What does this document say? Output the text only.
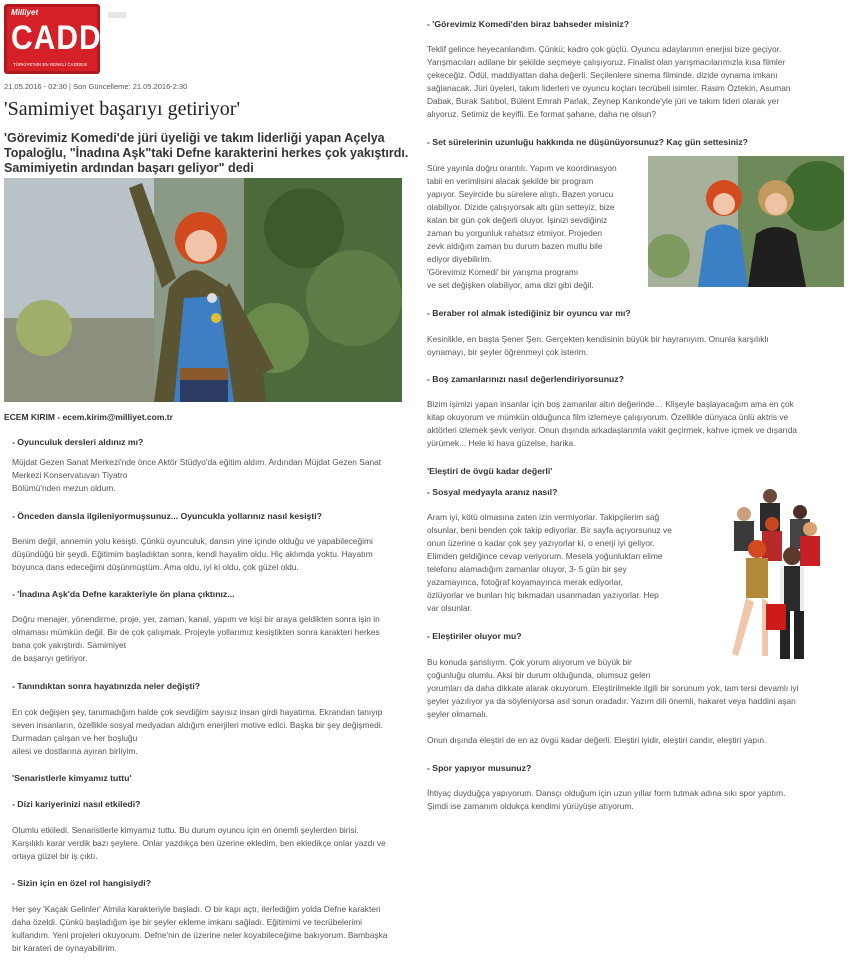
Milliyet
CADDE
TÜRKİYE'NİN EN RENKLİ CADDESİ
21.05.2016 - 02:30 | Son Güncelleme: 21.05.2016-2:30
'Samimiyet başarıyı getiriyor'
'Görevimiz Komedi'de jüri üyeliği ve takım liderliği yapan Açelya Topaloğlu, "İnadına Aşk"taki Defne karakterini herkes çok yakıştırdı. Samimiyetin ardından başarı geliyor" dedi
ECEM KIRIM - ecem.kirim@milliyet.com.tr
- Oyunculuk dersleri aldınız mı?
Müjdat Gezen Sanat Merkezi'nde önce Aktör Stüdyo'da eğitim aldım. Ardından Müjdat Gezen Sanat
Merkezi Konservatuvarı Tiyatro
Bölümü'nden mezun oldum.
- Önceden dansla ilgileniyormuşsunuz... Oyuncukla yollarınız nasıl kesişti?
Benim değil, annemin yolu kesişti. Çünkü oyunculuk, dansın yine içinde olduğu ve yapabileceğimi
düşündüğü bir şeydi. Eğitimim başladıktan sonra, kendi hayalim oldu. Hiç aklımda yoktu. Hayatım
boyunca dans edeceğimi düşünmüştüm. Ama oldu, iyi ki oldu, çok güzel oldu.
- 'İnadına Aşk'da Defne karakteriyle ön plana çıktınız...
Doğru menajer, yönendirme, proje, yer, zaman, kanal, yapım ve kişi bir araya geldikten sonra işin in
olmaması mümkün değil. Bir de çok çalışmak. Projeyle yollarımız kesiştikten sonra karakteri herkes
bana çok yakıştırdı. Samimiyet
de başarıyı getiriyor.
- Tanındıktan sonra hayatınızda neler değişti?
En çok değişen şey, tanımadığım halde çok sevdiğim sayısız insan girdi hayatıma. Ekrandan tanıyıp
seven insanların, özellikle sosyal medyadan aldığım enerjileri motive edici. Başka bir şey değişmedi.
Durmadan çalışan ve her boşluğu
ailesi ve dostlarına ayıran birliyim.
'Senaristlerle kimyamız tuttu'
- Dizi kariyerinizi nasıl etkiledi?
Olumlu etkiledi. Senaristlerle kimyamız tuttu. Bu durum oyuncu için en önemli şeylerden birisi.
Karşılıklı karar verdik bazı şeylere. Onlar yazdıkça ben üzerine ekledim, ben ekledikçe onlar yazdı ve
ortaya güzel bir iş çıktı.
- Sizin için en özel rol hangisiydi?
Her şey 'Kaçak Gelinler' Almila karakteriyle başladı. O bir kapı açtı, ilerlediğim yolda Defne karakteri
daha özeldi. Çünkü başladığım işe bir şeyler ekleme imkanı sağladı. Eğitimimi ve tecrübelerimi
kullandım. Yeni projeleri okuyorum. Defne'nin de üzerine neler koyabileceğime bakıyorum. Bambaşka
bir karateri de oynayabilirim.
- 'Görevimiz Komedi'den biraz bahseder misiniz?
Teklif gelince heyecanlandım. Çünkü; kadro çok güçlü. Oyuncu adaylarının enerjisi bize geçiyor.
Yarışmacıları adilane bir şekilde seçmeye çalışıyoruz. Finalist olan yarışmacılarımızla kısa filmler
çekeceğiz. Ödül, maddiyattan daha değerli. Seçilenlere sinema filminde, dizide oynama imkanı
sağlanacak. Jüri üyeleri, takım liderleri ve oyuncu koçları tecrübeli isimler. Rasim Öztekin, Asuman
Dabak, Burak Satıbol, Bülent Emrah Parlak, Zeynep Kankonde'yle jüri ve takım lideri olarak yer
alıyoruz. Setimiz de keyifli. Ee format şahane, daha ne olsun?
- Set sürelerinin uzunluğu hakkında ne düşünüyorsunuz? Kaç gün settesiniz?
Süre yayınla doğru orantılı. Yapım ve koordinasyon
tabii en verimlisini alacak şekilde bir program
yapıyor. Seyircide bu sürelere alıştı. Bazen yorucu
olabiliyor. Dizide çalışıyorsak altı gün setteyiz, bize
kalan bir gün çok değerli oluyor. İşinizi sevdiğiniz
zaman bu yorgunluk rahatsız etmiyor. Projeden
zevk aldığım zaman bu durum bazen mutlu bile
ediyor diyebilirim.
'Görevimiz Komedi' bir yarışma programı
ve set değişken olabiliyor, ama dizi gibi değil.
- Beraber rol almak istediğiniz bir oyuncu var mı?
Kesinlikle, en başta Şener Şen. Gerçekten kendisinin büyük bir hayranıyım. Onunla karşılıklı
oynamayı, bir şeyler öğrenmeyi çok isterim.
- Boş zamanlarınızı nasıl değerlendiriyorsunuz?
Bizim işimizi yapan insanlar için boş zamanlar altın değerinde… Klişeyle başlayacağım ama en çok
kitap okuyorum ve mümkün olduğunca film izlemeye çalışıyorum. Özellikle dünyaca ünlü aktris ve
aktörleri izlemek şevk veriyor. Onun dışında arkadaşlarımla vakit geçirmek, kahve içmek ve dışarıda
yürümek... Hele ki hava güzelse, harika.
'Eleştiri de övgü kadar değerli'
- Sosyal medyayla aranız nasıl?
Aram iyi, kötü olmasına zaten izin vermiyorlar. Takipçilerim sağ
olsunlar, beni benden çok takip ediyorlar. Bir sayfa açıyorsunuz ve
onun üzerine o kadar çok şey yazıyorlar ki, o enerji iyi geliyor.
Elimden geldiğince cevap veriyorum. Mesela yoğunluktan elime
telefonu alamadığım zamanlar oluyor, 3- 5 gün bir şey
yazamayınca, fotoğraf koyamayınca merak ediyorlar,
özlüyorlar ve bunları hiç bıkmadan usanmadan yazıyorlar. Hep
var olsunlar.
- Eleştiriler oluyor mu?
Bu konuda şanslıyım. Çok yorum alıyorum ve büyük bir
çoğunluğu olumlu. Aksi bir durum olduğunda, olumsuz gelen
yorumları da daha dikkate alarak okuyorum. Eleştirilmekle ilgili bir sorunum yok, tam tersi devamlı iyi
şeyler yazılıyor ya da söyleniyorsa asıl sorun oradadır. Yazım dili önemli, hakaret veya haddini aşan
şeyler olmamalı.

Onun dışında eleştiri de en az övgü kadar değerli. Eleştiri iyidir, eleştiri candır, eleştiri yapın.
- Spor yapıyor musunuz?
İhtiyaç duyduğça yapıyorum. Dansçı olduğum için uzun yıllar form tutmak adına sıkı spor yaptım.
Şimdi ise zamanım oldukça kendimi yürüyüşe atıyorum.
